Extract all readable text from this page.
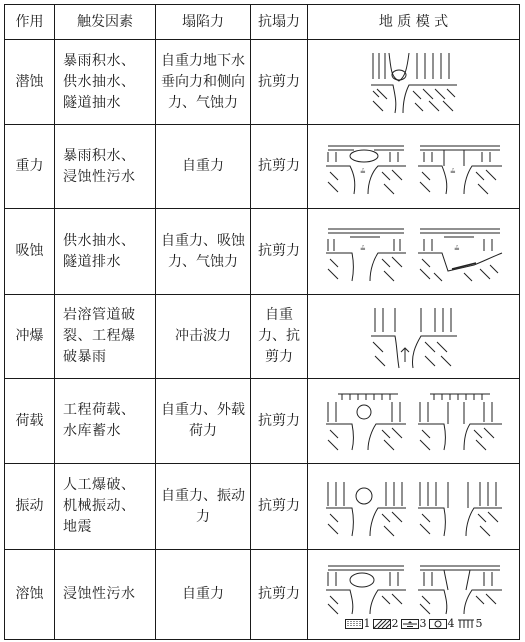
作用	触发因素	塌陷力	抗塌力	地 质 模 式
潜蚀	暴雨积水、供水抽水、隧道抽水	自重力地下水垂向力和侧向力、气蚀力	抗剪力	

重力	暴雨积水、浸蚀性污水	自重力	抗剪力	≟ ≟

吸蚀	供水抽水、隧道排水	自重力、吸蚀力、气蚀力	抗剪力	≟ ≟

冲爆	岩溶管道破裂、工程爆破暴雨	冲击波力	自重力、抗剪力	

荷载	工程荷载、水库蓄水	自重力、外载荷力	抗剪力	

振动	人工爆破、机械振动、地震	自重力、振动力	抗剪力	

溶蚀	浸蚀性污水	自重力	抗剪力	1 2 3 4 5
